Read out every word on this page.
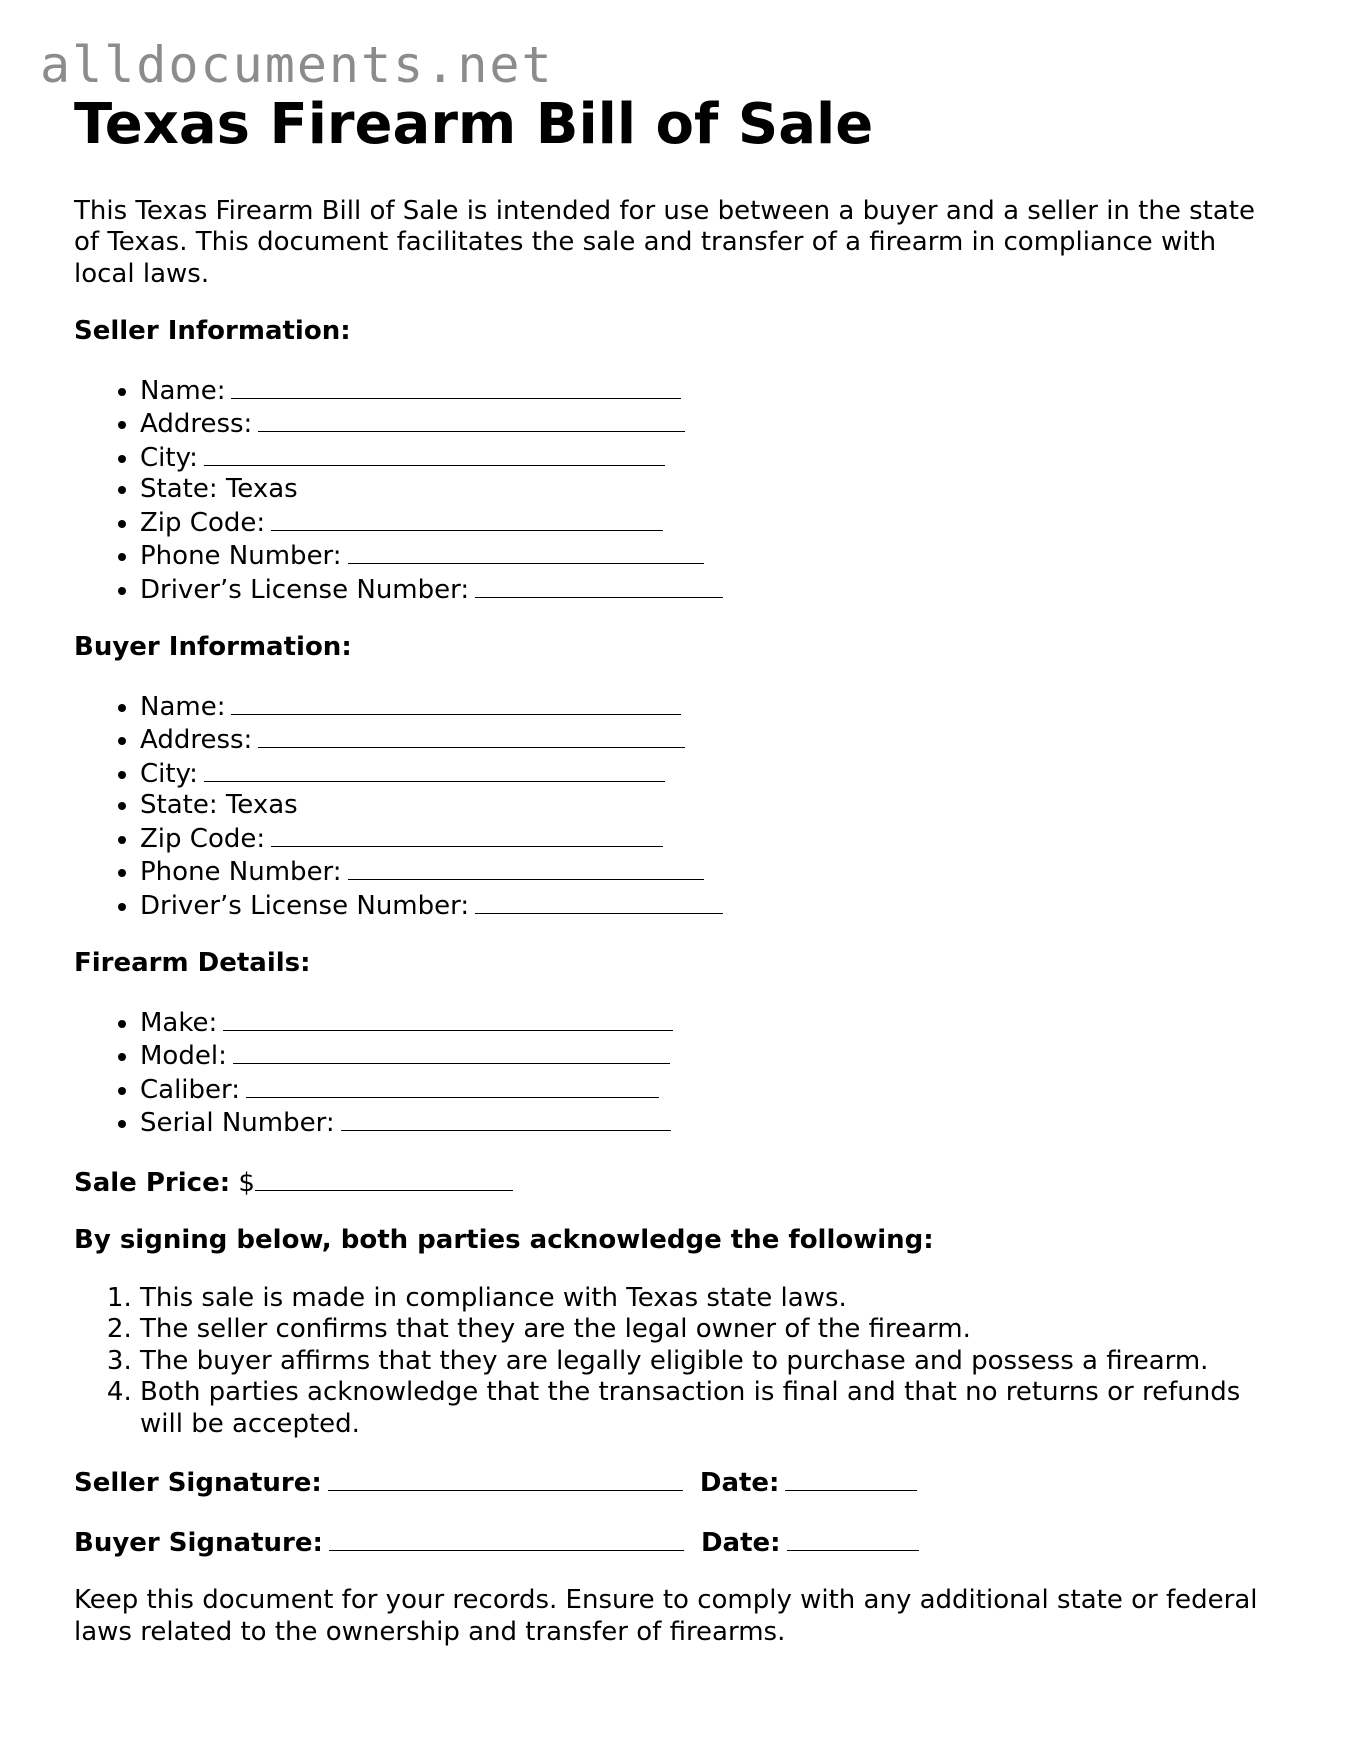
alldocuments.net
Texas Firearm Bill of Sale

This Texas Firearm Bill of Sale is intended for use between a buyer and a seller in the state of Texas. This document facilitates the sale and transfer of a firearm in compliance with local laws.

Seller Information:

• Name:
• Address:
• City:
• State: Texas
• Zip Code:
• Phone Number:
• Driver’s License Number:

Buyer Information:

• Name:
• Address:
• City:
• State: Texas
• Zip Code:
• Phone Number:
• Driver’s License Number:

Firearm Details:

• Make:
• Model:
• Caliber:
• Serial Number:

Sale Price: $

By signing below, both parties acknowledge the following:

1. This sale is made in compliance with Texas state laws.
2. The seller confirms that they are the legal owner of the firearm.
3. The buyer affirms that they are legally eligible to purchase and possess a firearm.
4. Both parties acknowledge that the transaction is final and that no returns or refunds will be accepted.

Seller Signature:	Date:

Buyer Signature:	Date:

Keep this document for your records. Ensure to comply with any additional state or federal laws related to the ownership and transfer of firearms.
